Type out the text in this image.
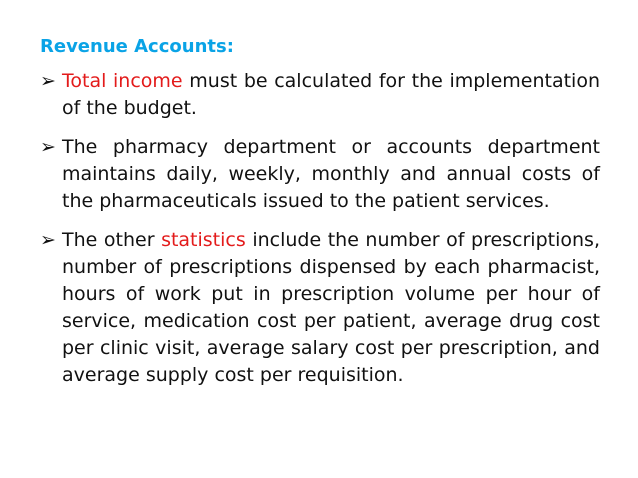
Revenue Accounts:
➢ Total income must be calculated for the implementation of the budget.
➢ The pharmacy department or accounts department maintains daily, weekly, monthly and annual costs of the pharmaceuticals issued to the patient services.
➢ The other statistics include the number of prescriptions, number of prescriptions dispensed by each pharmacist, hours of work put in prescription volume per hour of service, medication cost per patient, average drug cost per clinic visit, average salary cost per prescription, and average supply cost per requisition.
